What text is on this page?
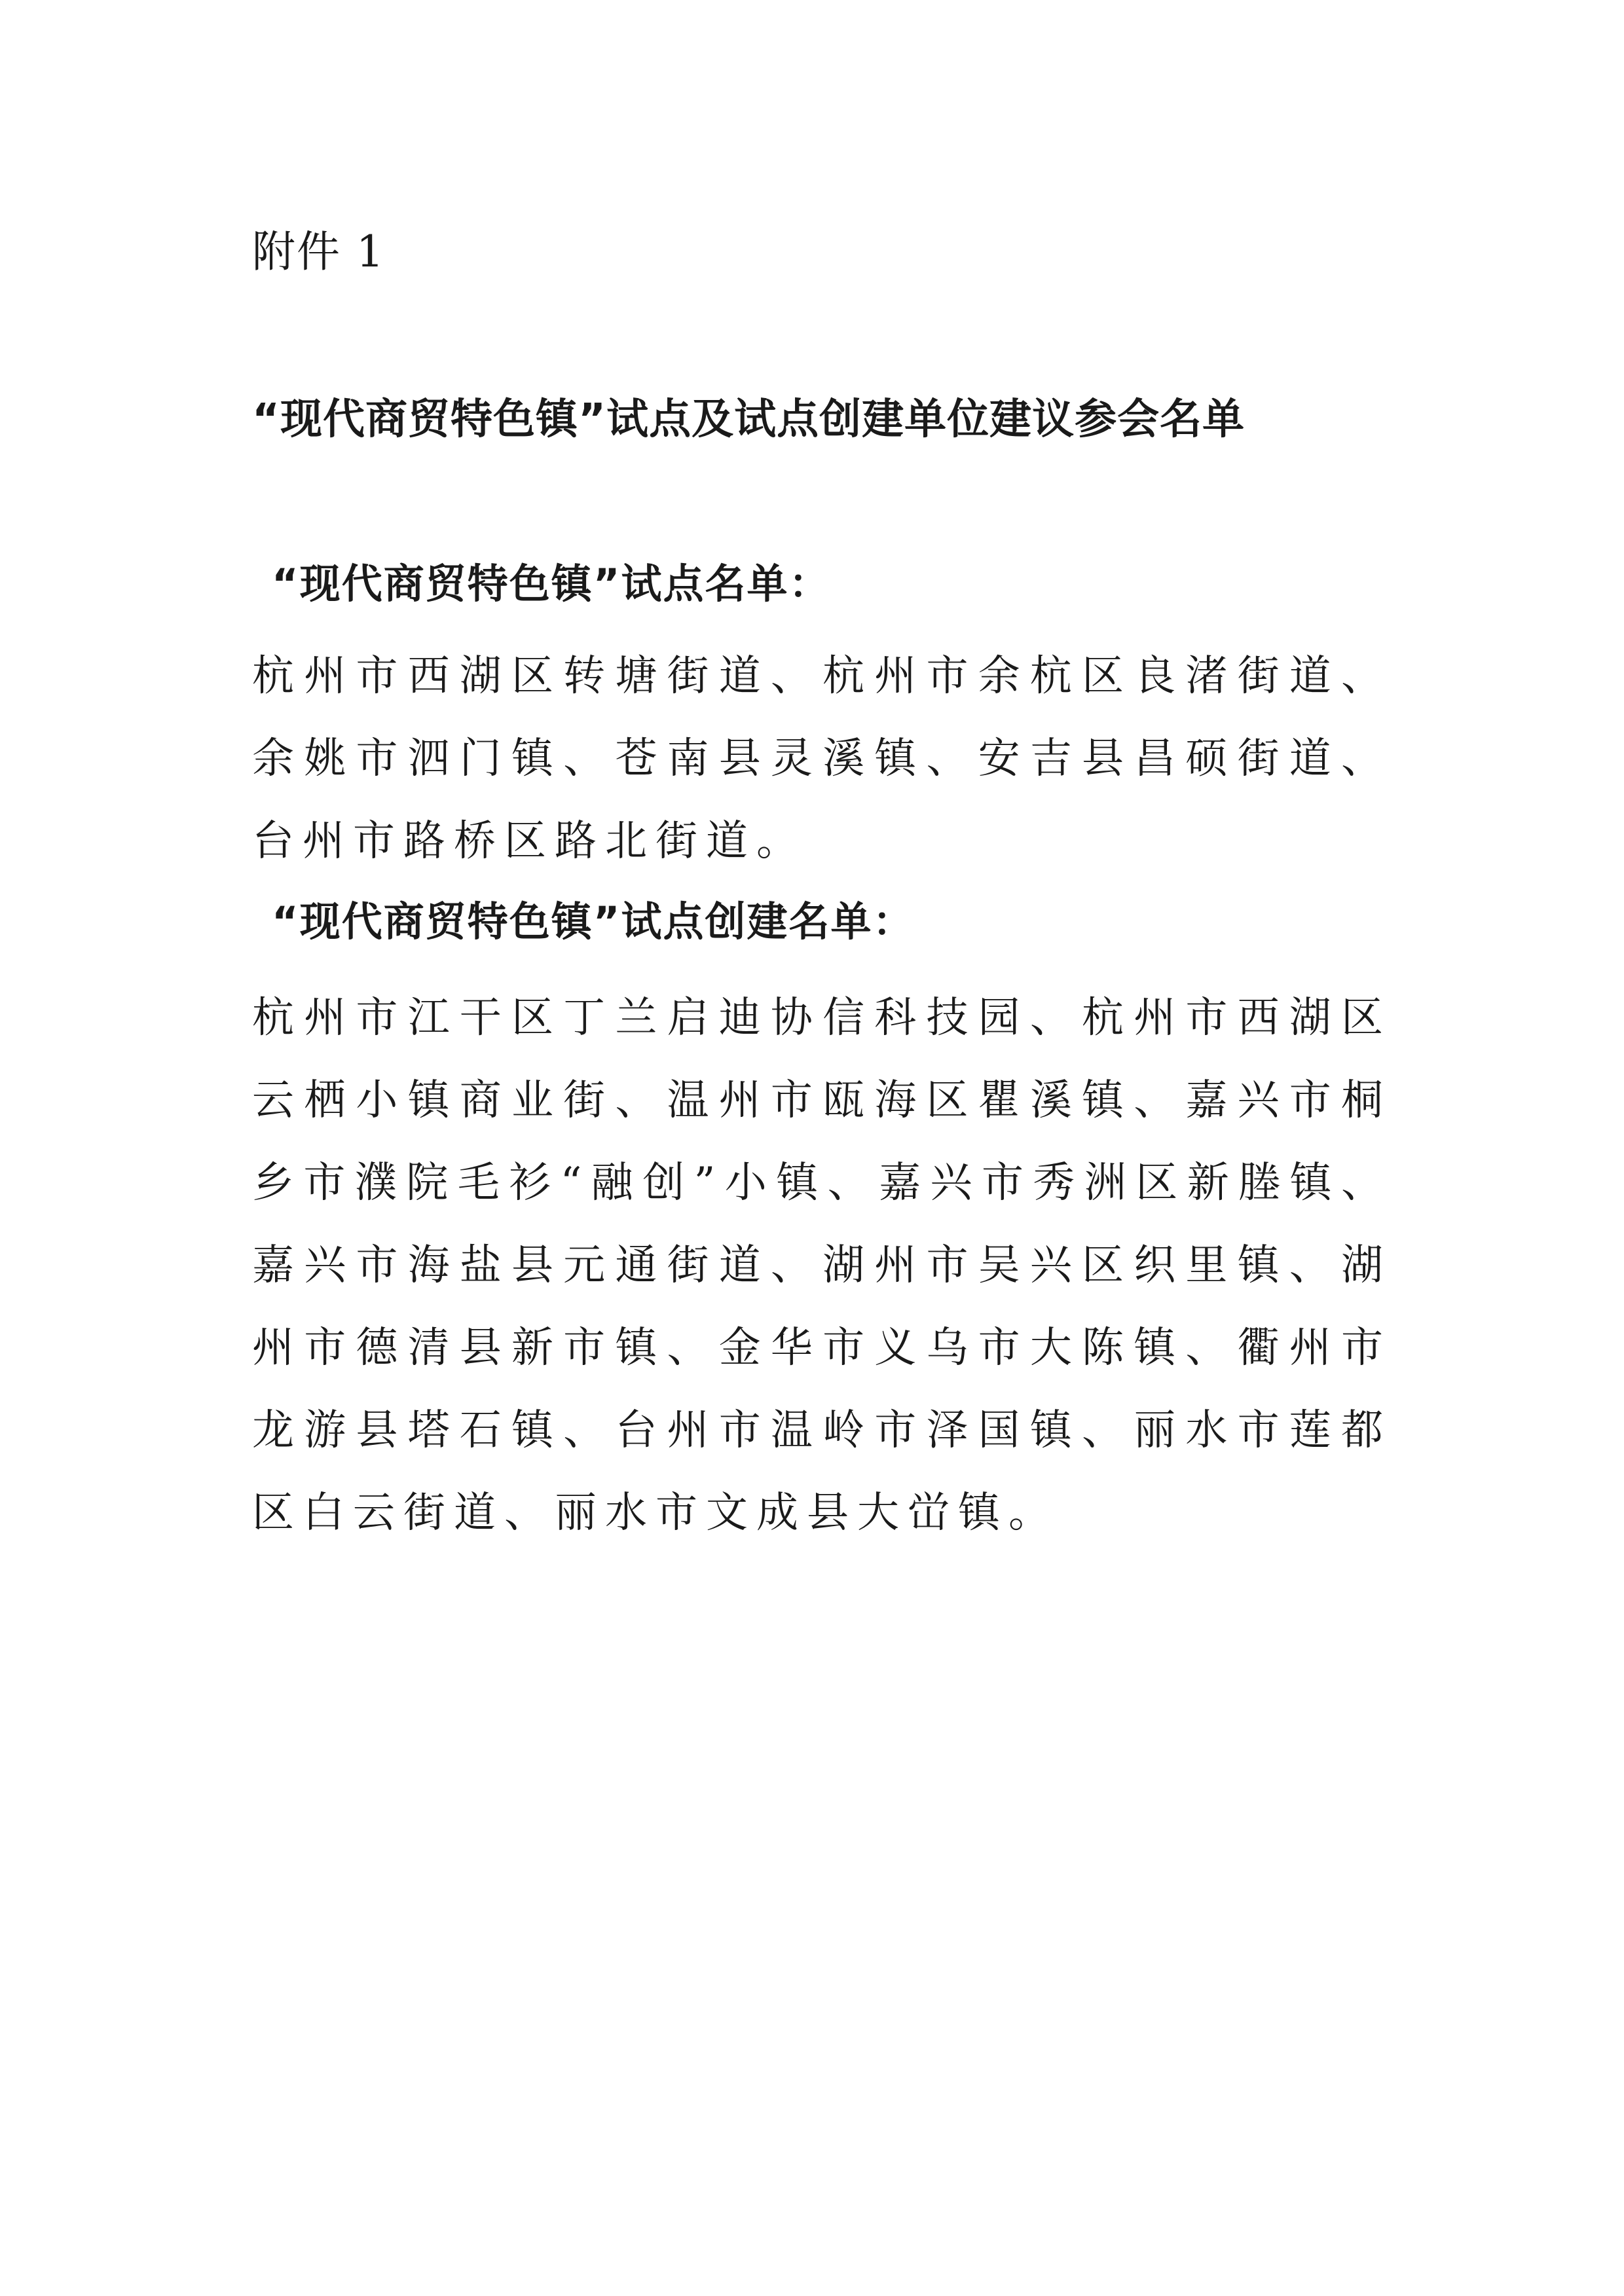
附件 1
“现代商贸特色镇”试点及试点创建单位建议参会名单
“现代商贸特色镇”试点名单：
杭州市西湖区转塘街道、杭州市余杭区良渚街道、余姚市泗门镇、苍南县灵溪镇、安吉县昌硕街道、台州市路桥区路北街道。
“现代商贸特色镇”试点创建名单：
杭州市江干区丁兰启迪协信科技园、杭州市西湖区云栖小镇商业街、温州市瓯海区瞿溪镇、嘉兴市桐乡市濮院毛衫“融创”小镇、嘉兴市秀洲区新塍镇、嘉兴市海盐县元通街道、湖州市吴兴区织里镇、湖州市德清县新市镇、金华市义乌市大陈镇、衢州市龙游县塔石镇、台州市温岭市泽国镇、丽水市莲都区白云街道、丽水市文成县大峃镇。
